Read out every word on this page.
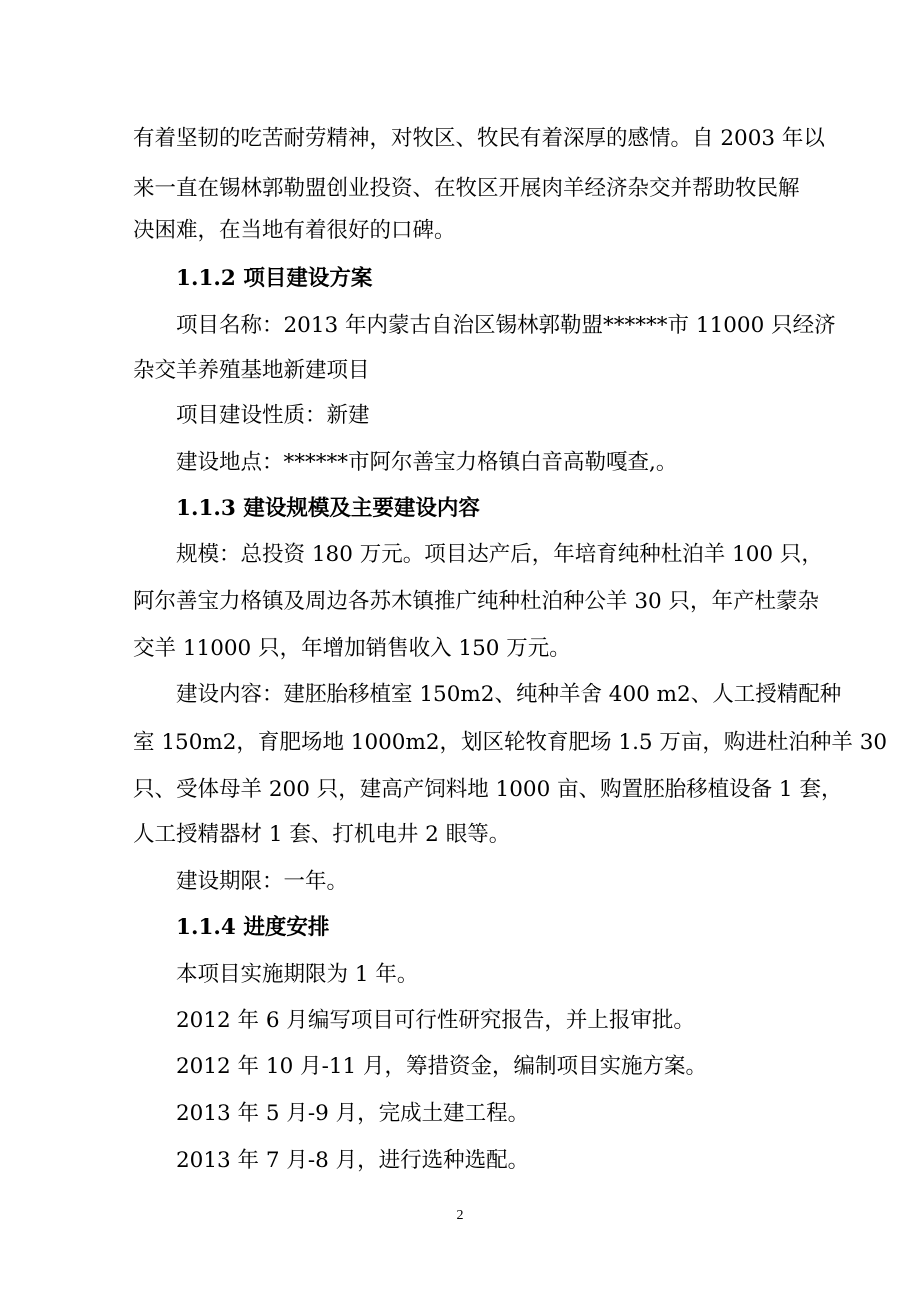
有着坚韧的吃苦耐劳精神，对牧区、牧民有着深厚的感情。自 2003 年以
来一直在锡林郭勒盟创业投资、在牧区开展肉羊经济杂交并帮助牧民解
决困难，在当地有着很好的口碑。
1.1.2 项目建设方案
项目名称：2013 年内蒙古自治区锡林郭勒盟******市 11000 只经济
杂交羊养殖基地新建项目
项目建设性质：新建
建设地点：******市阿尔善宝力格镇白音高勒嘎查,。
1.1.3 建设规模及主要建设内容
规模：总投资 180 万元。项目达产后，年培育纯种杜泊羊 100 只，
阿尔善宝力格镇及周边各苏木镇推广纯种杜泊种公羊 30 只，年产杜蒙杂
交羊 11000 只，年增加销售收入 150 万元。
建设内容：建胚胎移植室 150m2、纯种羊舍 400 m2、人工授精配种
室 150m2，育肥场地 1000m2，划区轮牧育肥场 1.5 万亩，购进杜泊种羊 30
只、受体母羊 200 只，建高产饲料地 1000 亩、购置胚胎移植设备 1 套，
人工授精器材 1 套、打机电井 2 眼等。
建设期限：一年。
1.1.4 进度安排
本项目实施期限为 1 年。
2012 年 6 月编写项目可行性研究报告，并上报审批。
2012 年 10 月-11 月，筹措资金，编制项目实施方案。
2013 年 5 月-9 月，完成土建工程。
2013 年 7 月-8 月，进行选种选配。
2
